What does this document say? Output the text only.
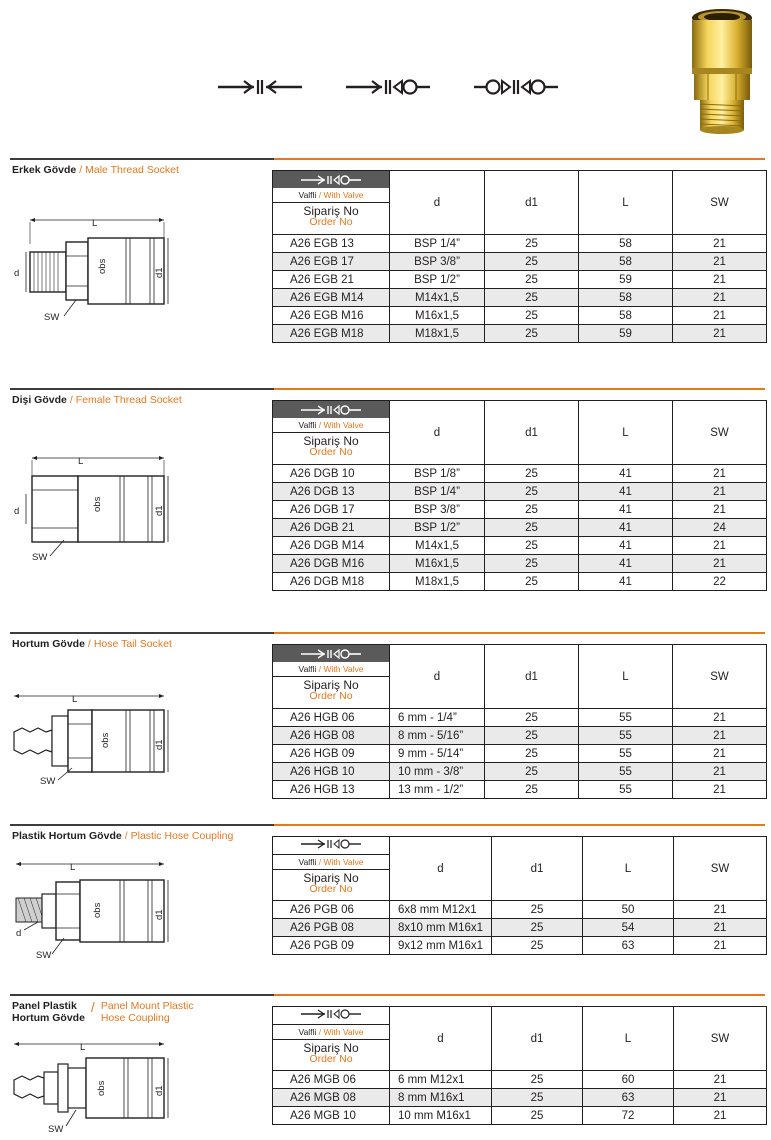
Erkek Gövde / Male Thread Socket
L
obs
d	d1
SW
Valfli / With Valve
Sipariş No
Order No	d	d1	L	SW
A26 EGB 13	BSP 1/4”	25	58	21
A26 EGB 17	BSP 3/8”	25	58	21
A26 EGB 21	BSP 1/2”	25	59	21
A26 EGB M14	M14x1,5	25	58	21
A26 EGB M16	M16x1,5	25	58	21
A26 EGB M18	M18x1,5	25	59	21
Dişi Gövde / Female Thread Socket
L
obs
d	d1
SW
Valfli / With Valve
Sipariş No
Order No	d	d1	L	SW
A26 DGB 10	BSP 1/8”	25	41	21
A26 DGB 13	BSP 1/4”	25	41	21
A26 DGB 17	BSP 3/8”	25	41	21
A26 DGB 21	BSP 1/2”	25	41	24
A26 DGB M14	M14x1,5	25	41	21
A26 DGB M16	M16x1,5	25	41	21
A26 DGB M18	M18x1,5	25	41	22
Hortum Gövde / Hose Tail Socket
L
obs	d1
SW
Valfli / With Valve
Sipariş No
Order No	d	d1	L	SW
A26 HGB 06	6 mm - 1/4”	25	55	21
A26 HGB 08	8 mm - 5/16”	25	55	21
A26 HGB 09	9 mm - 5/14”	25	55	21
A26 HGB 10	10 mm - 3/8”	25	55	21
A26 HGB 13	13 mm - 1/2”	25	55	21
Plastik Hortum Gövde / Plastic Hose Coupling
L
obs	d1
d
SW
Valfli / With Valve
Sipariş No
Order No	d	d1	L	SW
A26 PGB 06	6x8 mm M12x1	25	50	21
A26 PGB 08	8x10 mm M16x1	25	54	21
A26 PGB 09	9x12 mm M16x1	25	63	21
Panel Plastik
Hortum Gövde
/ Panel Mount Plastic
Hose Coupling
L
obs	d1
SW
Valfli / With Valve
Sipariş No
Order No	d	d1	L	SW
A26 MGB 06	6 mm M12x1	25	60	21
A26 MGB 08	8 mm M16x1	25	63	21
A26 MGB 10	10 mm M16x1	25	72	21
